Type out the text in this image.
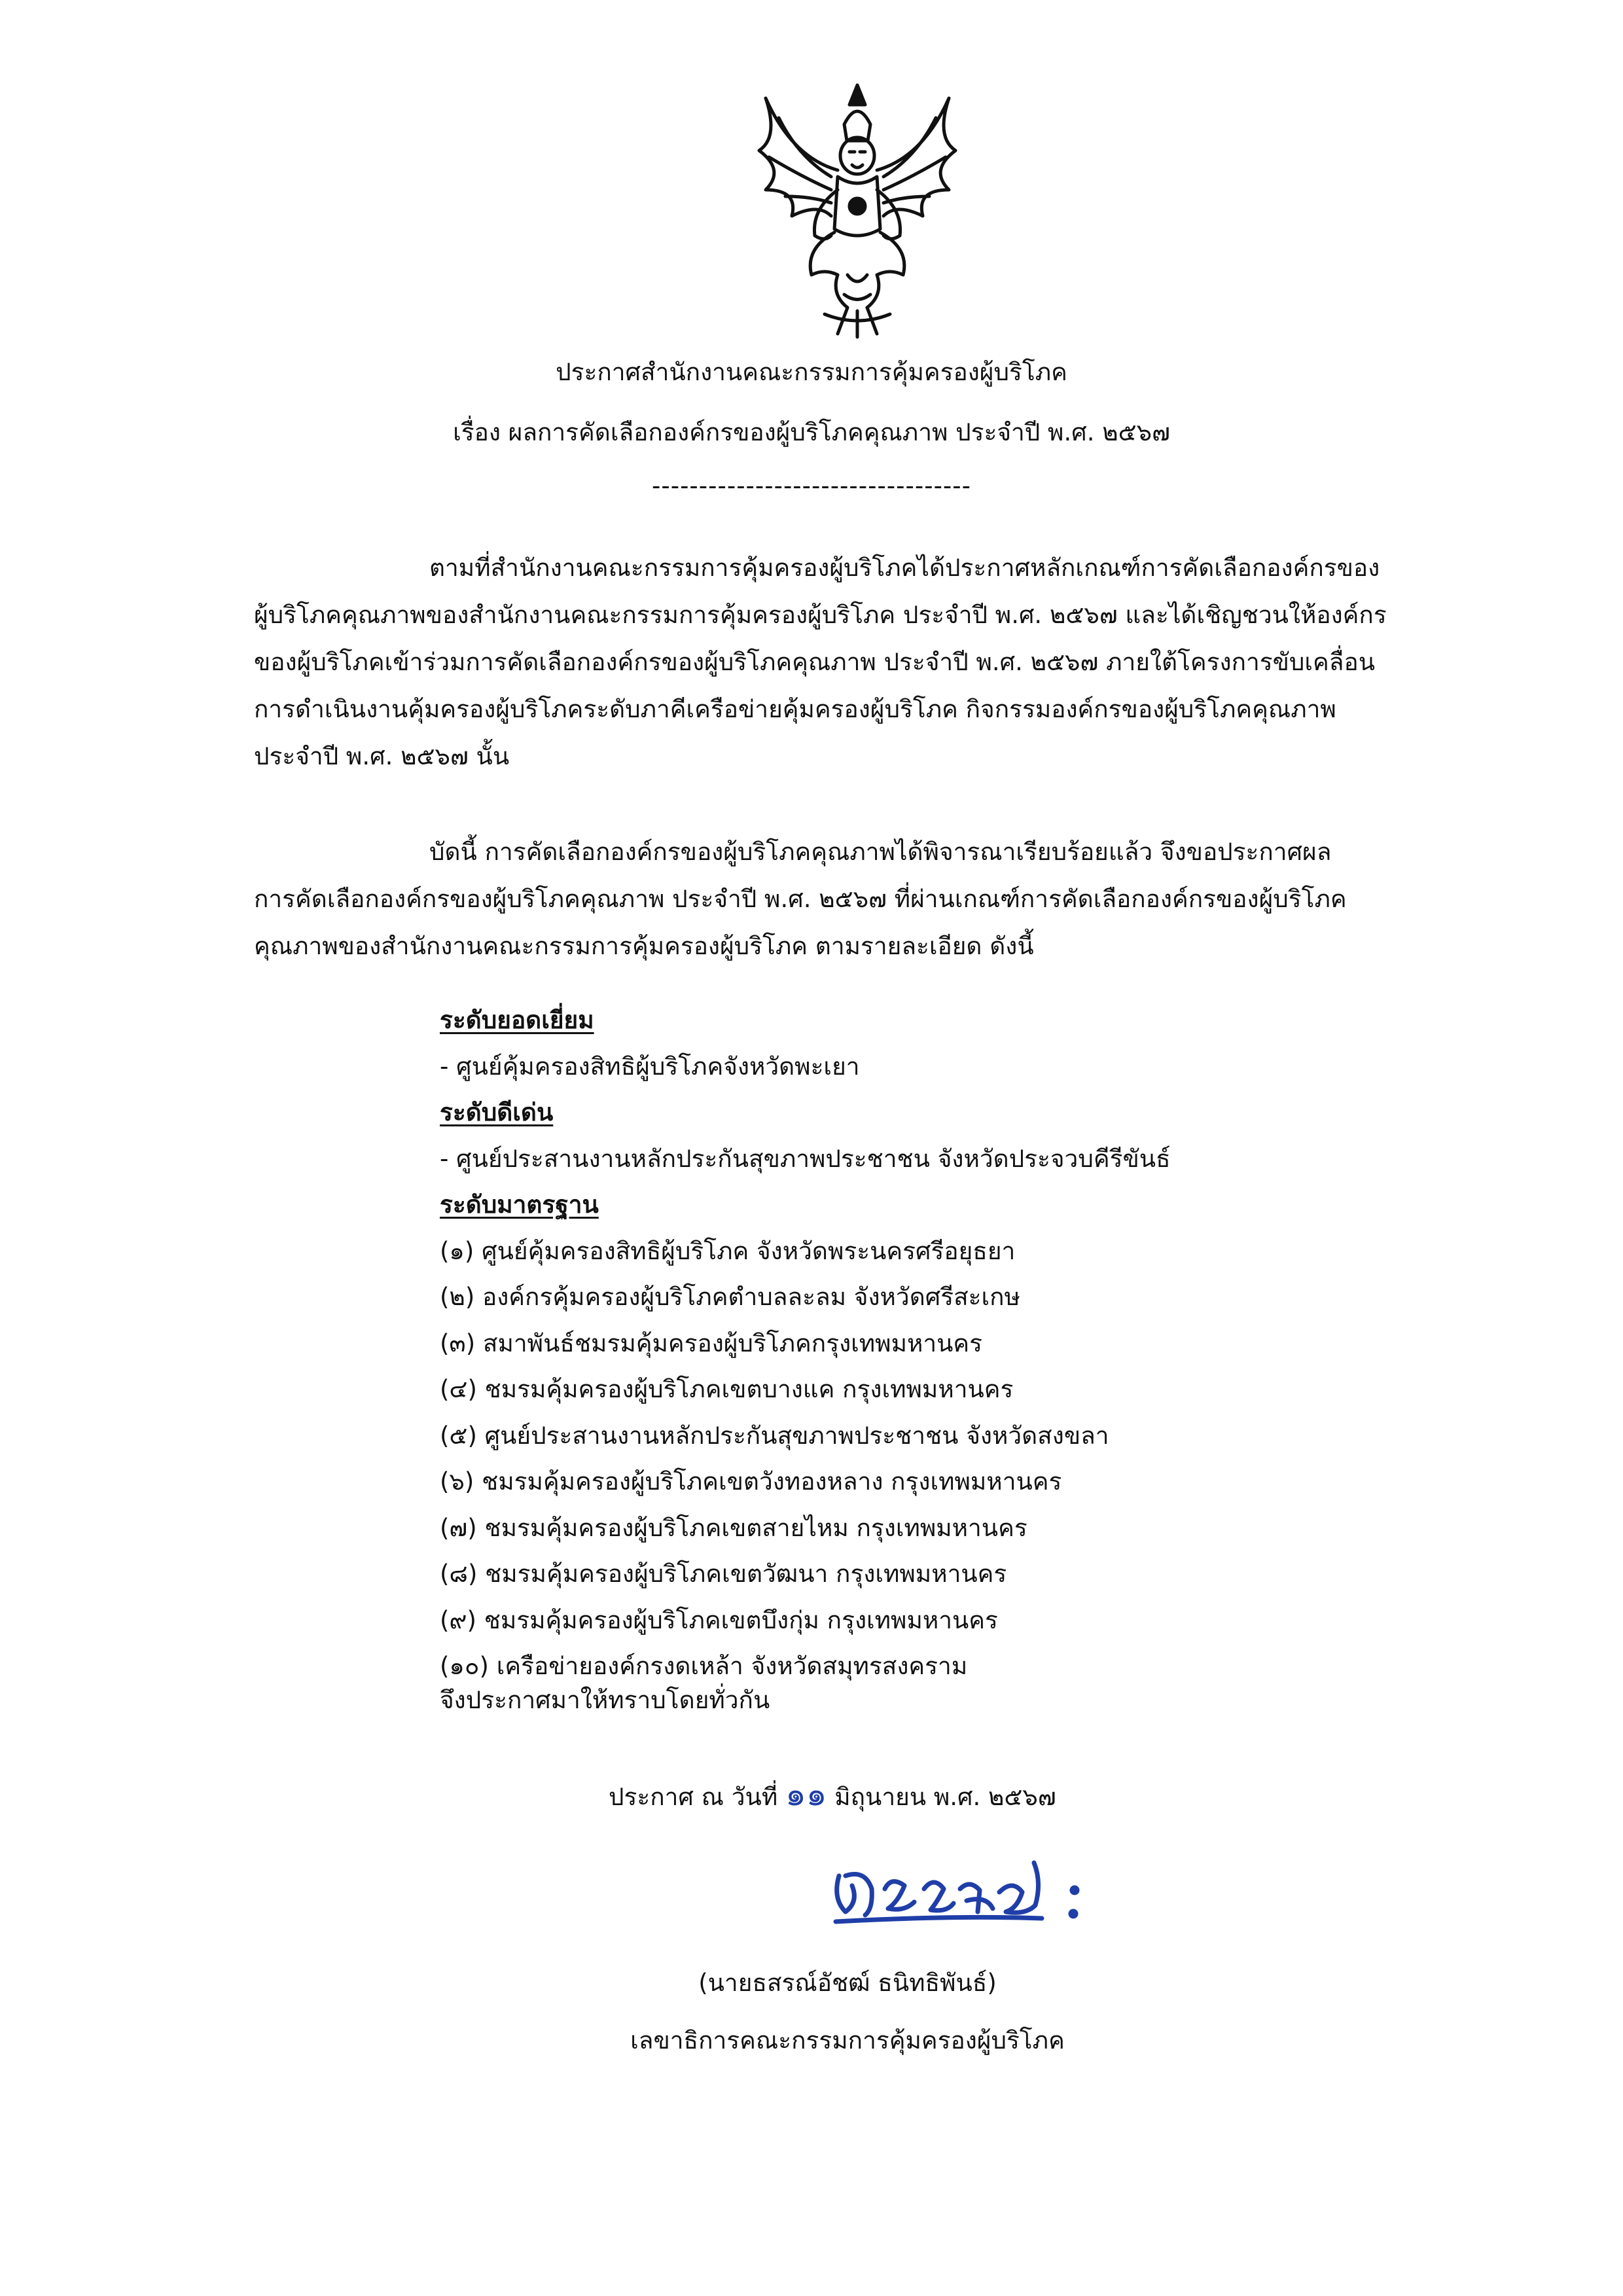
ประกาศสำนักงานคณะกรรมการคุ้มครองผู้บริโภค
เรื่อง ผลการคัดเลือกองค์กรของผู้บริโภคคุณภาพ ประจำปี พ.ศ. ๒๕๖๗
----------------------------------
ตามที่สำนักงานคณะกรรมการคุ้มครองผู้บริโภคได้ประกาศหลักเกณฑ์การคัดเลือกองค์กรของ
ผู้บริโภคคุณภาพของสำนักงานคณะกรรมการคุ้มครองผู้บริโภค ประจำปี พ.ศ. ๒๕๖๗ และได้เชิญชวนให้องค์กร
ของผู้บริโภคเข้าร่วมการคัดเลือกองค์กรของผู้บริโภคคุณภาพ ประจำปี พ.ศ. ๒๕๖๗ ภายใต้โครงการขับเคลื่อน
การดำเนินงานคุ้มครองผู้บริโภคระดับภาคีเครือข่ายคุ้มครองผู้บริโภค กิจกรรมองค์กรของผู้บริโภคคุณภาพ
ประจำปี พ.ศ. ๒๕๖๗ นั้น
บัดนี้ การคัดเลือกองค์กรของผู้บริโภคคุณภาพได้พิจารณาเรียบร้อยแล้ว จึงขอประกาศผล
การคัดเลือกองค์กรของผู้บริโภคคุณภาพ ประจำปี พ.ศ. ๒๕๖๗ ที่ผ่านเกณฑ์การคัดเลือกองค์กรของผู้บริโภค
คุณภาพของสำนักงานคณะกรรมการคุ้มครองผู้บริโภค ตามรายละเอียด ดังนี้
ระดับยอดเยี่ยม
- ศูนย์คุ้มครองสิทธิผู้บริโภคจังหวัดพะเยา
ระดับดีเด่น
- ศูนย์ประสานงานหลักประกันสุขภาพประชาชน จังหวัดประจวบคีรีขันธ์
ระดับมาตรฐาน
(๑) ศูนย์คุ้มครองสิทธิผู้บริโภค จังหวัดพระนครศรีอยุธยา
(๒) องค์กรคุ้มครองผู้บริโภคตำบลละลม จังหวัดศรีสะเกษ
(๓) สมาพันธ์ชมรมคุ้มครองผู้บริโภคกรุงเทพมหานคร
(๔) ชมรมคุ้มครองผู้บริโภคเขตบางแค กรุงเทพมหานคร
(๕) ศูนย์ประสานงานหลักประกันสุขภาพประชาชน จังหวัดสงขลา
(๖) ชมรมคุ้มครองผู้บริโภคเขตวังทองหลาง กรุงเทพมหานคร
(๗) ชมรมคุ้มครองผู้บริโภคเขตสายไหม กรุงเทพมหานคร
(๘) ชมรมคุ้มครองผู้บริโภคเขตวัฒนา กรุงเทพมหานคร
(๙) ชมรมคุ้มครองผู้บริโภคเขตบึงกุ่ม กรุงเทพมหานคร
(๑๐) เครือข่ายองค์กรงดเหล้า จังหวัดสมุทรสงคราม
จึงประกาศมาให้ทราบโดยทั่วกัน
ประกาศ ณ วันที่ ๑๑ มิถุนายน พ.ศ. ๒๕๖๗
(นายธสรณ์อัชฒ์ ธนิทธิพันธ์)
เลขาธิการคณะกรรมการคุ้มครองผู้บริโภค
